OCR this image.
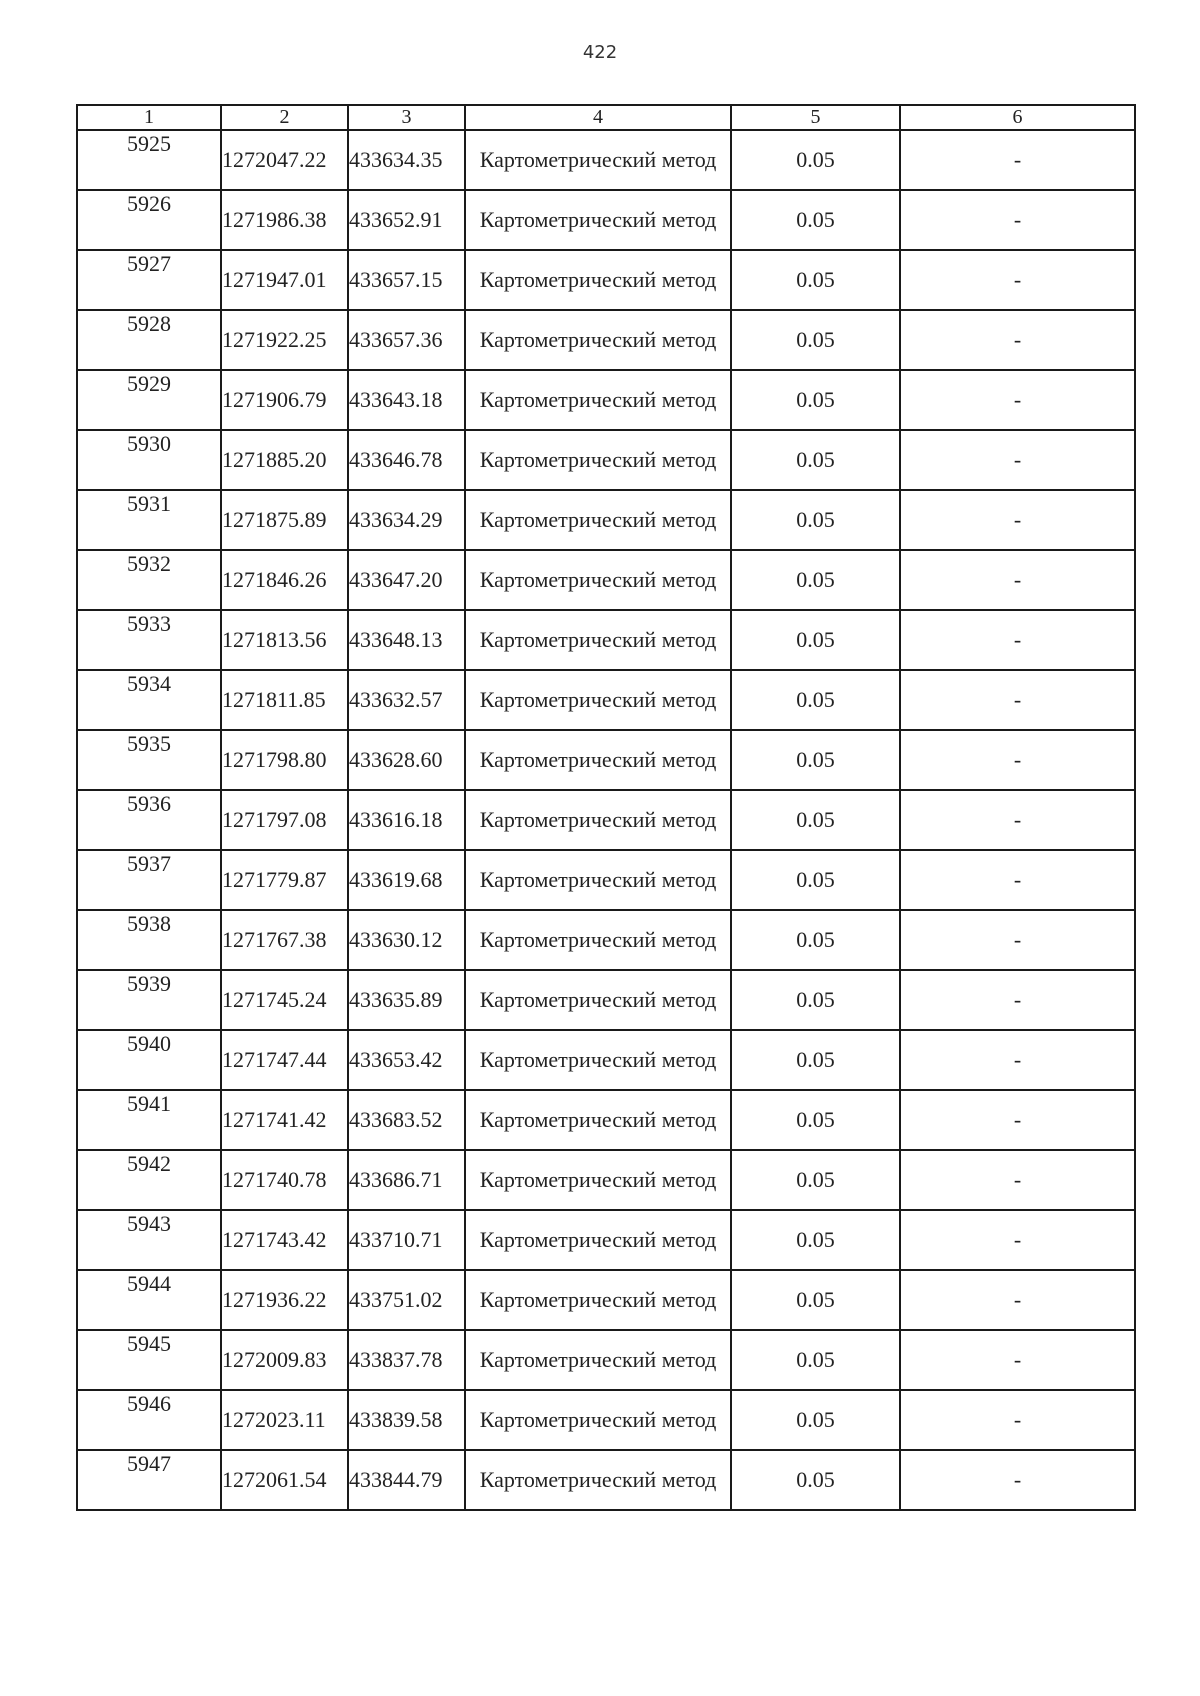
422
1	2	3	4	5	6
5925	1272047.22	433634.35	Картометрический метод	0.05	-
5926	1271986.38	433652.91	Картометрический метод	0.05	-
5927	1271947.01	433657.15	Картометрический метод	0.05	-
5928	1271922.25	433657.36	Картометрический метод	0.05	-
5929	1271906.79	433643.18	Картометрический метод	0.05	-
5930	1271885.20	433646.78	Картометрический метод	0.05	-
5931	1271875.89	433634.29	Картометрический метод	0.05	-
5932	1271846.26	433647.20	Картометрический метод	0.05	-
5933	1271813.56	433648.13	Картометрический метод	0.05	-
5934	1271811.85	433632.57	Картометрический метод	0.05	-
5935	1271798.80	433628.60	Картометрический метод	0.05	-
5936	1271797.08	433616.18	Картометрический метод	0.05	-
5937	1271779.87	433619.68	Картометрический метод	0.05	-
5938	1271767.38	433630.12	Картометрический метод	0.05	-
5939	1271745.24	433635.89	Картометрический метод	0.05	-
5940	1271747.44	433653.42	Картометрический метод	0.05	-
5941	1271741.42	433683.52	Картометрический метод	0.05	-
5942	1271740.78	433686.71	Картометрический метод	0.05	-
5943	1271743.42	433710.71	Картометрический метод	0.05	-
5944	1271936.22	433751.02	Картометрический метод	0.05	-
5945	1272009.83	433837.78	Картометрический метод	0.05	-
5946	1272023.11	433839.58	Картометрический метод	0.05	-
5947	1272061.54	433844.79	Картометрический метод	0.05	-
